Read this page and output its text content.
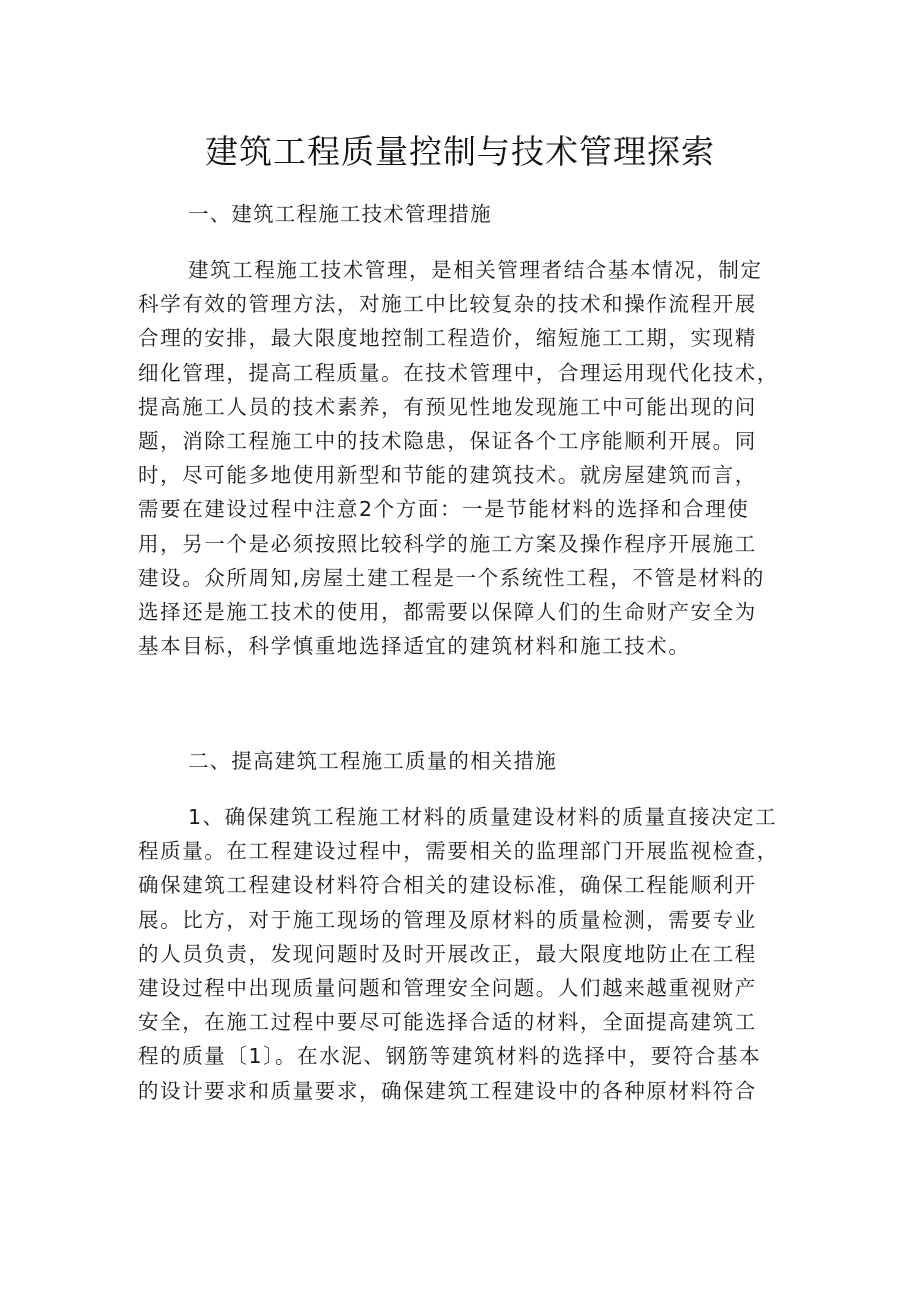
建筑工程质量控制与技术管理探索
一、建筑工程施工技术管理措施
建筑工程施工技术管理，是相关管理者结合基本情况，制定
科学有效的管理方法，对施工中比较复杂的技术和操作流程开展
合理的安排，最大限度地控制工程造价，缩短施工工期，实现精
细化管理，提高工程质量。在技术管理中，合理运用现代化技术，
提高施工人员的技术素养，有预见性地发现施工中可能出现的问
题，消除工程施工中的技术隐患，保证各个工序能顺利开展。同
时，尽可能多地使用新型和节能的建筑技术。就房屋建筑而言，
需要在建设过程中注意2个方面：一是节能材料的选择和合理使
用，另一个是必须按照比较科学的施工方案及操作程序开展施工
建设。众所周知,房屋土建工程是一个系统性工程，不管是材料的
选择还是施工技术的使用，都需要以保障人们的生命财产安全为
基本目标，科学慎重地选择适宜的建筑材料和施工技术。
二、提高建筑工程施工质量的相关措施
1、确保建筑工程施工材料的质量建设材料的质量直接决定工
程质量。在工程建设过程中，需要相关的监理部门开展监视检查，
确保建筑工程建设材料符合相关的建设标准，确保工程能顺利开
展。比方，对于施工现场的管理及原材料的质量检测，需要专业
的人员负责，发现问题时及时开展改正，最大限度地防止在工程
建设过程中出现质量问题和管理安全问题。人们越来越重视财产
安全，在施工过程中要尽可能选择合适的材料，全面提高建筑工
程的质量〔1〕。在水泥、钢筋等建筑材料的选择中，要符合基本
的设计要求和质量要求，确保建筑工程建设中的各种原材料符合
